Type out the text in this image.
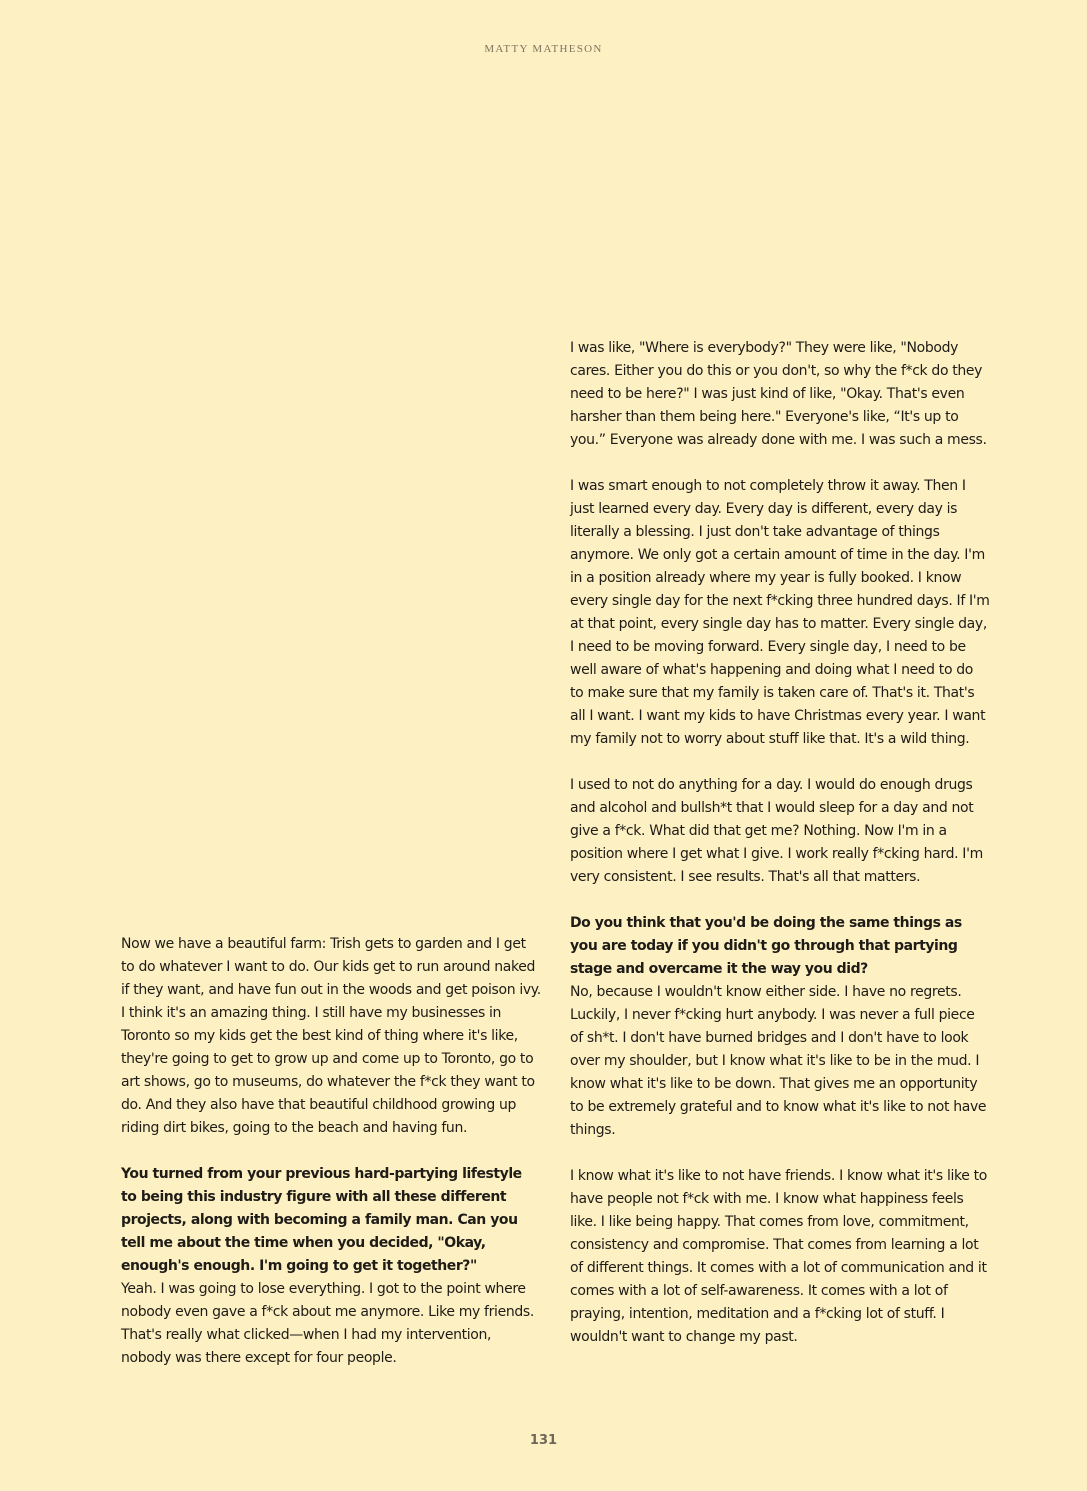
MATTY MATHESON

Now we have a beautiful farm: Trish gets to garden and I get to do whatever I want to do. Our kids get to run around naked if they want, and have fun out in the woods and get poison ivy. I think it's an amazing thing. I still have my businesses in Toronto so my kids get the best kind of thing where it's like, they're going to get to grow up and come up to Toronto, go to art shows, go to museums, do whatever the f*ck they want to do. And they also have that beautiful childhood growing up riding dirt bikes, going to the beach and having fun.

You turned from your previous hard-partying lifestyle to being this industry figure with all these different projects, along with becoming a family man. Can you tell me about the time when you decided, "Okay, enough's enough. I'm going to get it together?"

Yeah. I was going to lose everything. I got to the point where nobody even gave a f*ck about me anymore. Like my friends. That's really what clicked—when I had my intervention, nobody was there except for four people.

I was like, "Where is everybody?" They were like, "Nobody cares. Either you do this or you don't, so why the f*ck do they need to be here?" I was just kind of like, "Okay. That's even harsher than them being here." Everyone's like, “It's up to you.” Everyone was already done with me. I was such a mess.

I was smart enough to not completely throw it away. Then I just learned every day. Every day is different, every day is literally a blessing. I just don't take advantage of things anymore. We only got a certain amount of time in the day. I'm in a position already where my year is fully booked. I know every single day for the next f*cking three hundred days. If I'm at that point, every single day has to matter. Every single day, I need to be moving forward. Every single day, I need to be well aware of what's happening and doing what I need to do to make sure that my family is taken care of. That's it. That's all I want. I want my kids to have Christmas every year. I want my family not to worry about stuff like that. It's a wild thing.

I used to not do anything for a day. I would do enough drugs and alcohol and bullsh*t that I would sleep for a day and not give a f*ck. What did that get me? Nothing. Now I'm in a position where I get what I give. I work really f*cking hard. I'm very consistent. I see results. That's all that matters.

Do you think that you'd be doing the same things as you are today if you didn't go through that partying stage and overcame it the way you did?

No, because I wouldn't know either side. I have no regrets. Luckily, I never f*cking hurt anybody. I was never a full piece of sh*t. I don't have burned bridges and I don't have to look over my shoulder, but I know what it's like to be in the mud. I know what it's like to be down. That gives me an opportunity to be extremely grateful and to know what it's like to not have things.

I know what it's like to not have friends. I know what it's like to have people not f*ck with me. I know what happiness feels like. I like being happy. That comes from love, commitment, consistency and compromise. That comes from learning a lot of different things. It comes with a lot of communication and it comes with a lot of self-awareness. It comes with a lot of praying, intention, meditation and a f*cking lot of stuff. I wouldn't want to change my past.

131
